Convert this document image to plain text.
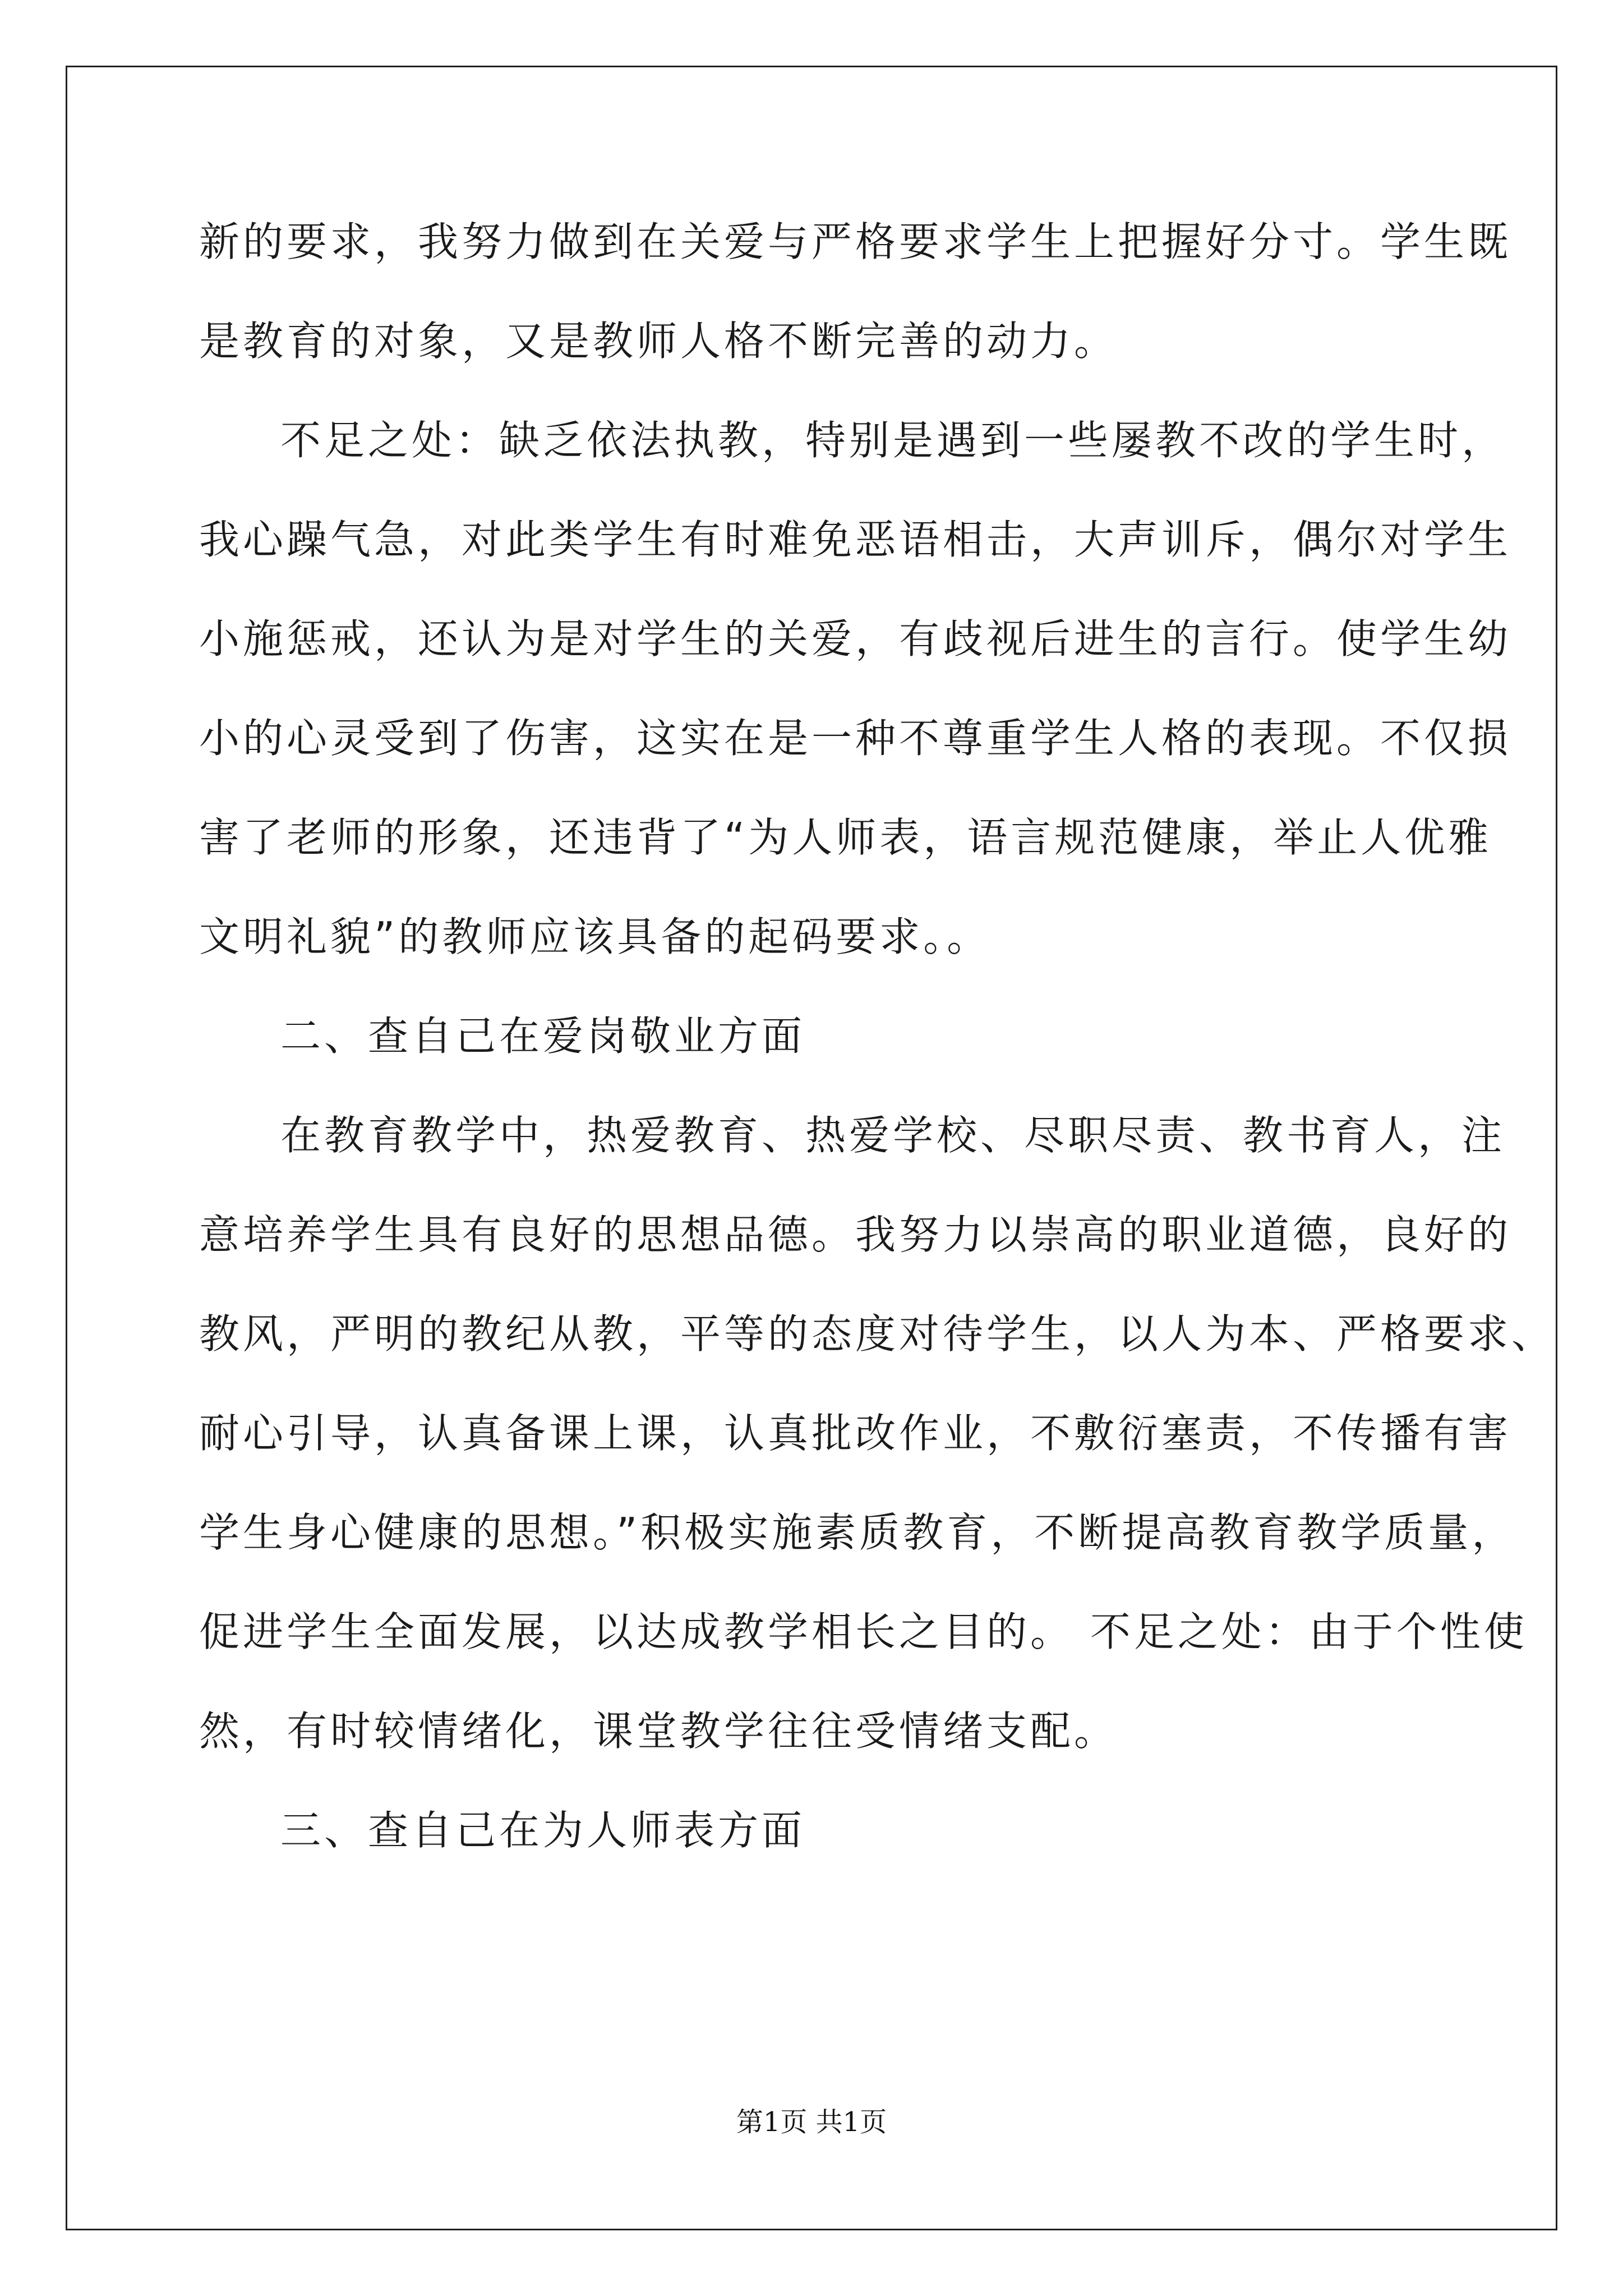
新的要求，我努力做到在关爱与严格要求学生上把握好分寸。学生既
是教育的对象，又是教师人格不断完善的动力。
不足之处：缺乏依法执教，特别是遇到一些屡教不改的学生时，
我心躁气急，对此类学生有时难免恶语相击，大声训斥，偶尔对学生
小施惩戒，还认为是对学生的关爱，有歧视后进生的言行。使学生幼
小的心灵受到了伤害，这实在是一种不尊重学生人格的表现。不仅损
害了老师的形象，还违背了“为人师表，语言规范健康，举止人优雅
文明礼貌”的教师应该具备的起码要求。。
二、查自己在爱岗敬业方面
在教育教学中，热爱教育、热爱学校、尽职尽责、教书育人，注
意培养学生具有良好的思想品德。我努力以崇高的职业道德，良好的
教风，严明的教纪从教，平等的态度对待学生，以人为本、严格要求、
耐心引导，认真备课上课，认真批改作业，不敷衍塞责，不传播有害
学生身心健康的思想。”积极实施素质教育，不断提高教育教学质量，
促进学生全面发展，以达成教学相长之目的。 不足之处：由于个性使
然，有时较情绪化，课堂教学往往受情绪支配。
三、查自己在为人师表方面
第1页 共1页
